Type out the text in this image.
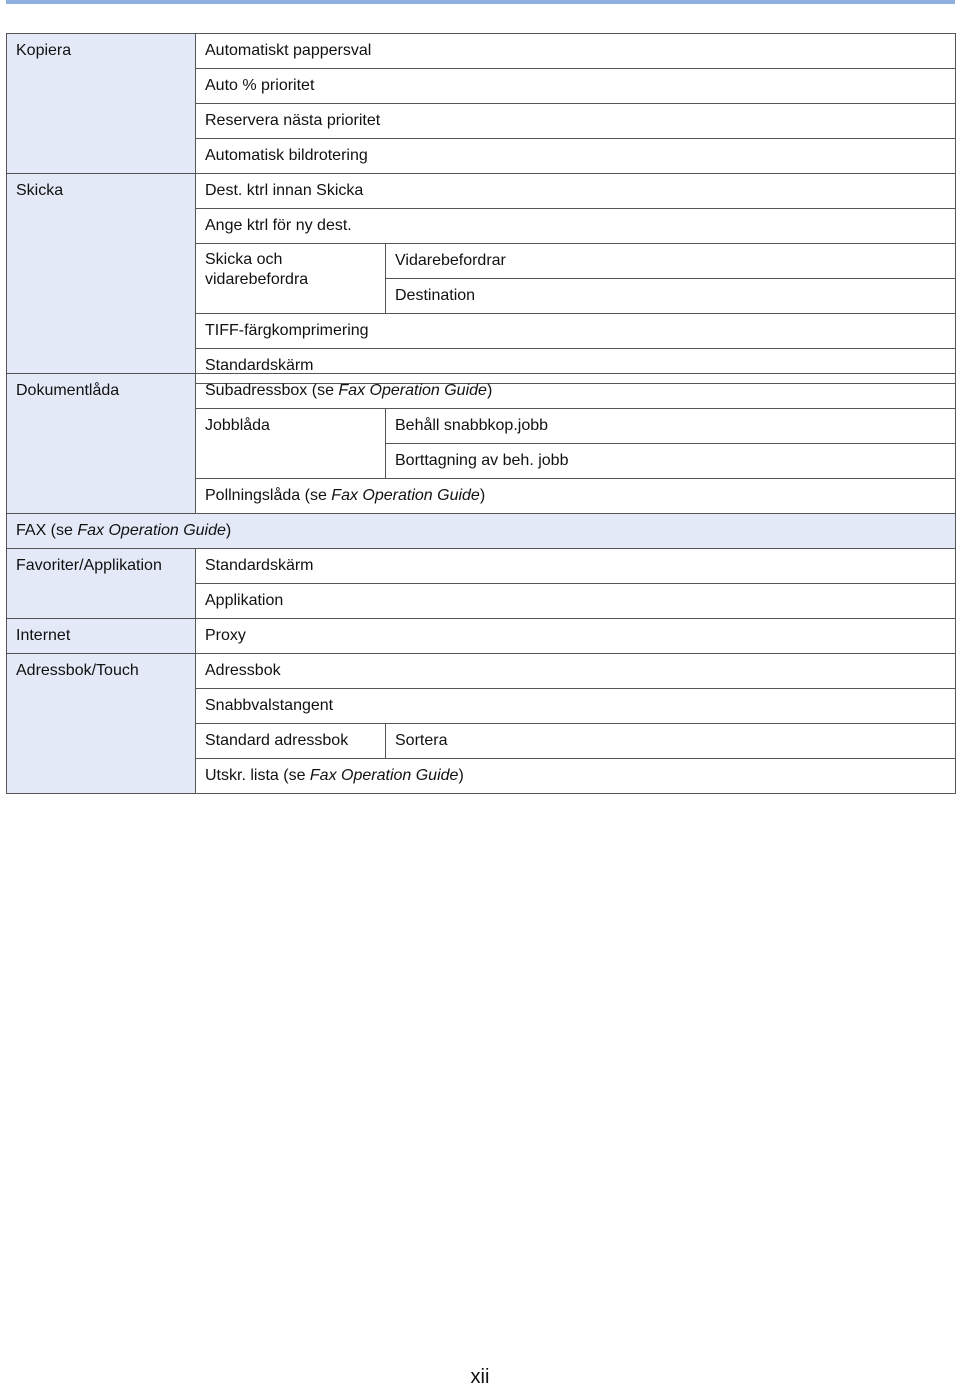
Kopiera	Automatiskt pappersval	
	Auto % prioritet	
	Reservera nästa prioritet	
	Automatisk bildrotering	
Skicka	Dest. ktrl innan Skicka	
	Ange ktrl för ny dest.	
	Skicka och vidarebefordra	Vidarebefordrar
		Destination
	TIFF-färgkomprimering	
	Standardskärm	
Dokumentlåda	Subadressbox (se Fax Operation Guide)	
	Jobblåda	Behåll snabbkop.jobb
		Borttagning av beh. jobb
	Pollningslåda (se Fax Operation Guide)	
FAX (se Fax Operation Guide)		
Favoriter/Applikation	Standardskärm	
	Applikation	
Internet	Proxy	
Adressbok/Touch	Adressbok	
	Snabbvalstangent	
	Standard adressbok	Sortera
	Utskr. lista (se Fax Operation Guide)	
xii
